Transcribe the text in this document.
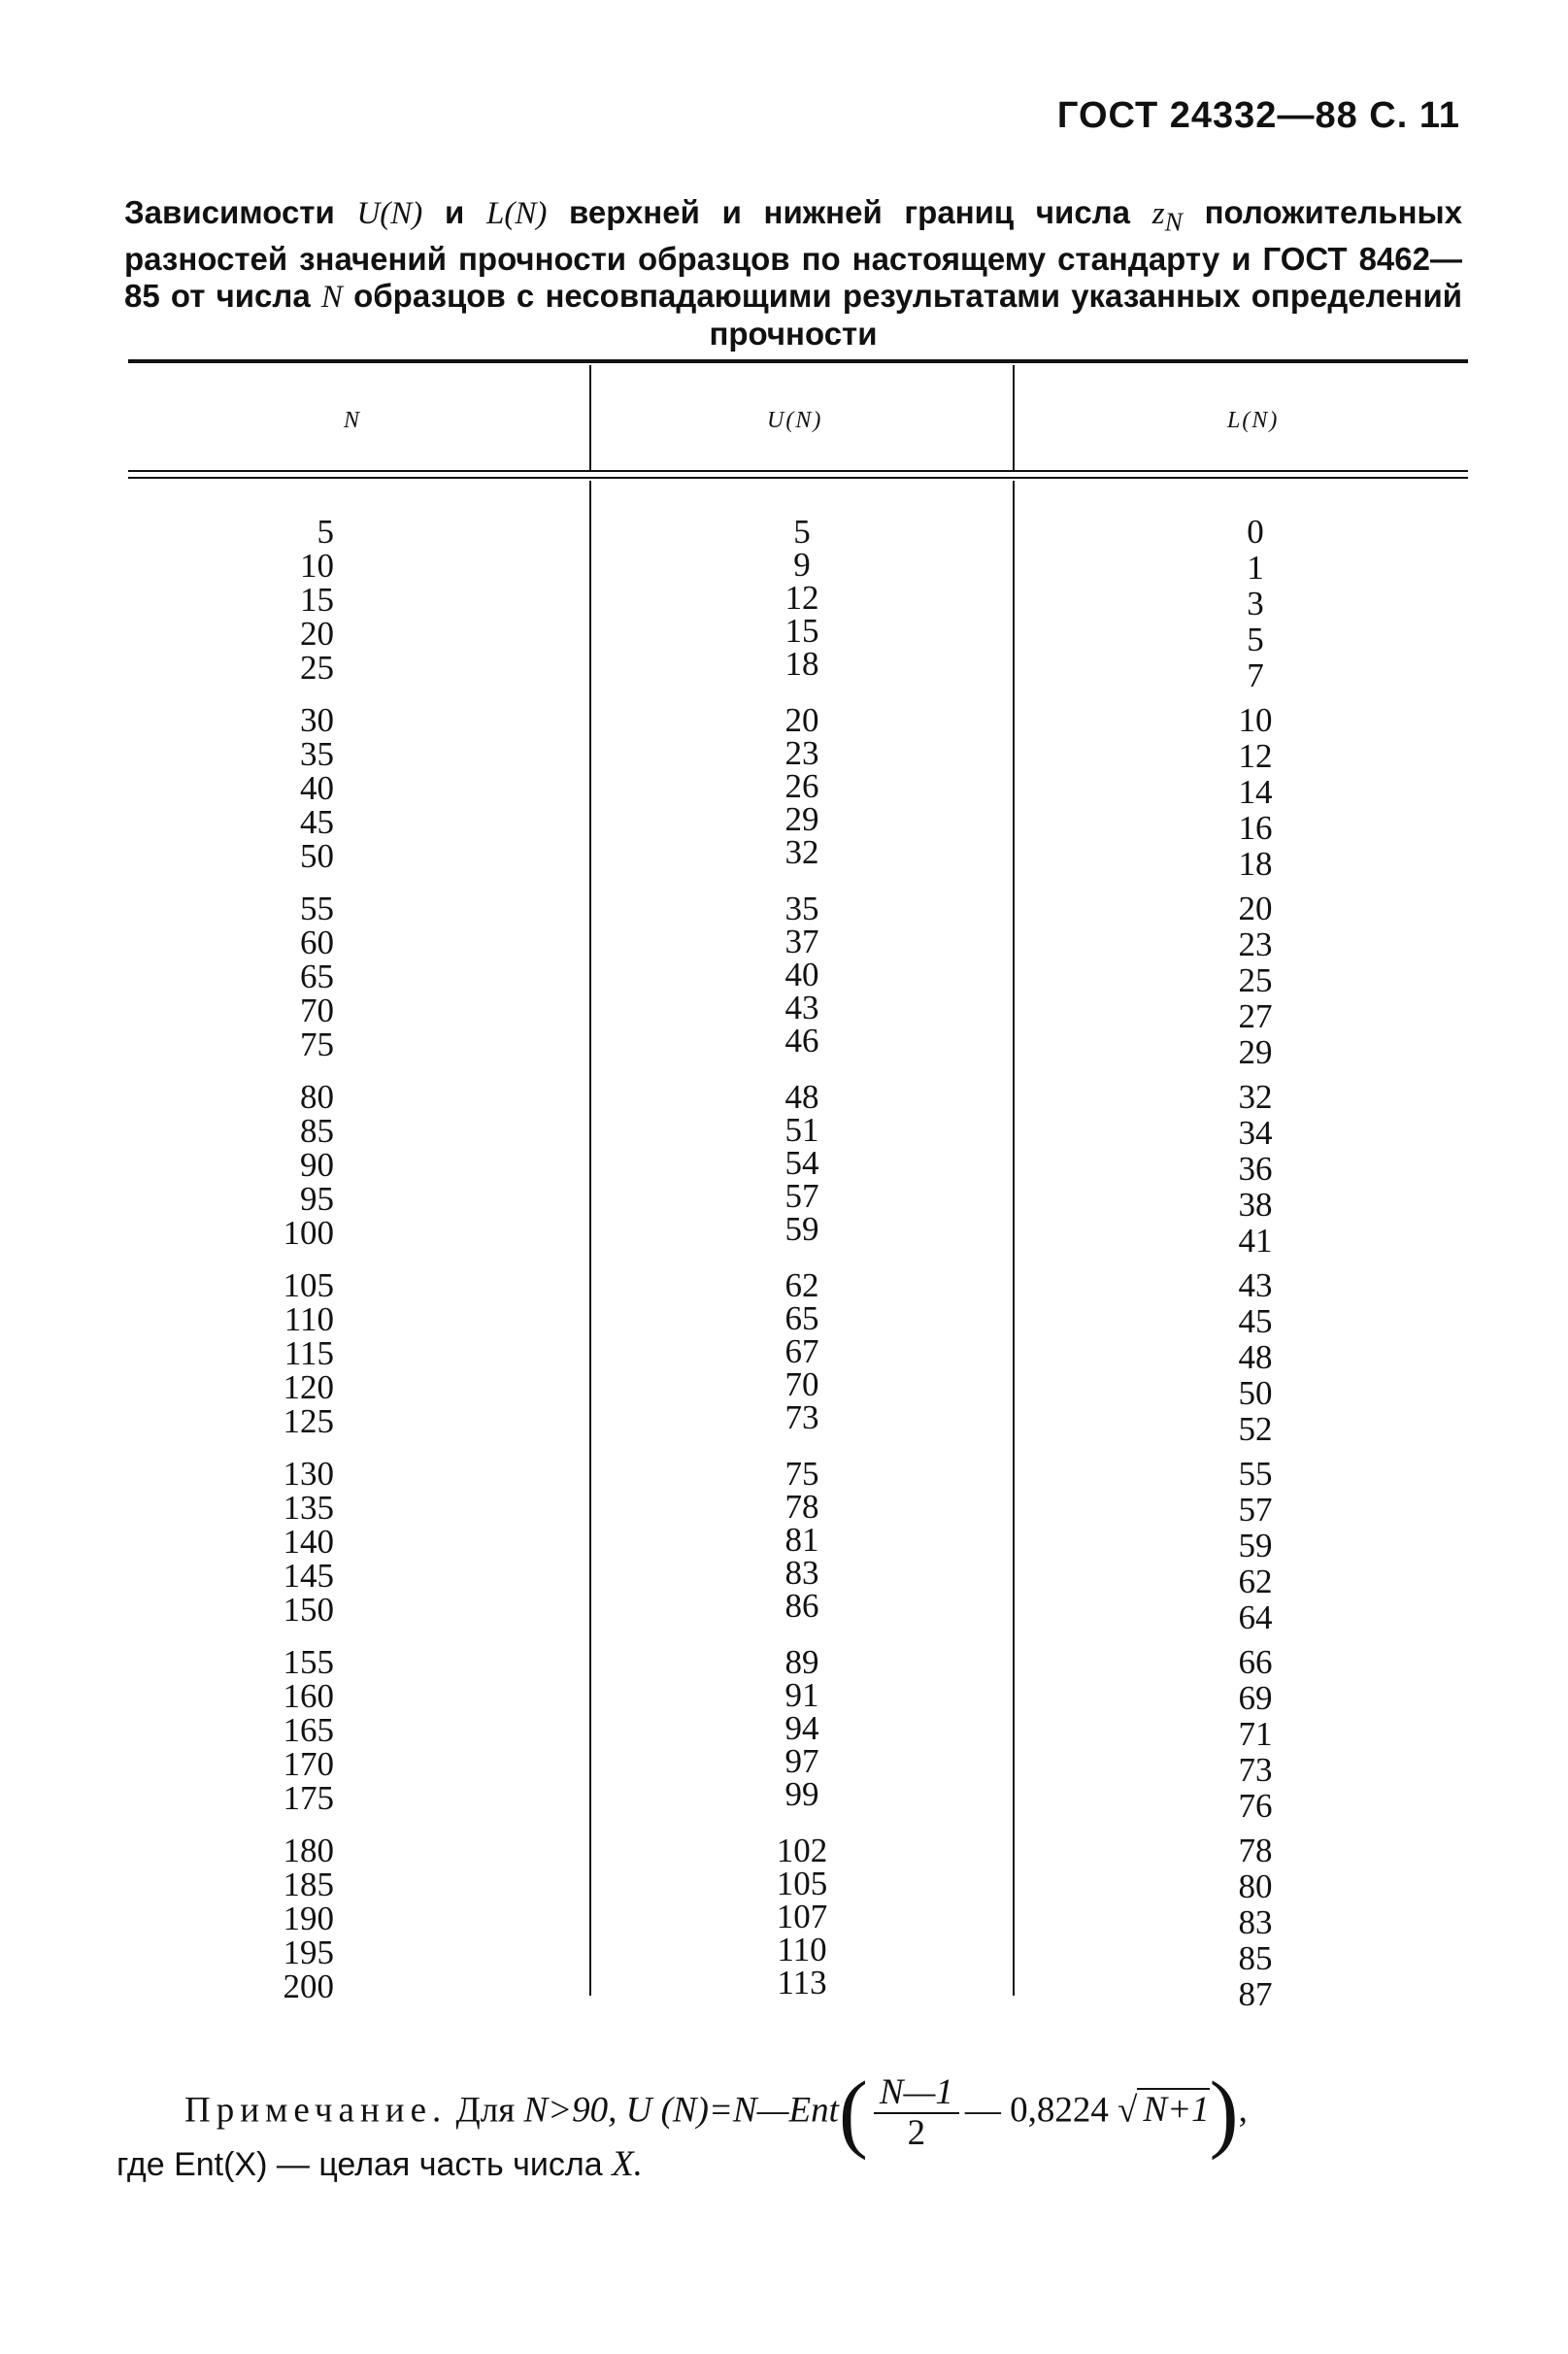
ГОСТ 24332—88 С. 11
Зависимости U(N) и L(N) верхней и нижней границ числа $z_N$ положительных разностей значений прочности образцов по настоящему стандарту и ГОСТ 8462—85 от числа N образцов с несовпадающими результатами указанных определений прочности
N	U(N)	L(N)
5	5	0
10	9	1
15	12	3
20	15	5
25	18	7
30	20	10
35	23	12
40	26	14
45	29	16
50	32	18
55	35	20
60	37	23
65	40	25
70	43	27
75	46	29
80	48	32
85	51	34
90	54	36
95	57	38
100	59	41
105	62	43
110	65	45
115	67	48
120	70	50
125	73	52
130	75	55
135	78	57
140	81	59
145	83	62
150	86	64
155	89	66
160	91	69
165	94	71
170	97	73
175	99	76
180	102	78
185	105	80
190	107	83
195	110	85
200	113	87
Примечание. Для N>90, U (N)=N—Ent( $\frac{N—1}{2}$ — 0,8224 √ N+1),
где Ent(X) — целая часть числа X.
